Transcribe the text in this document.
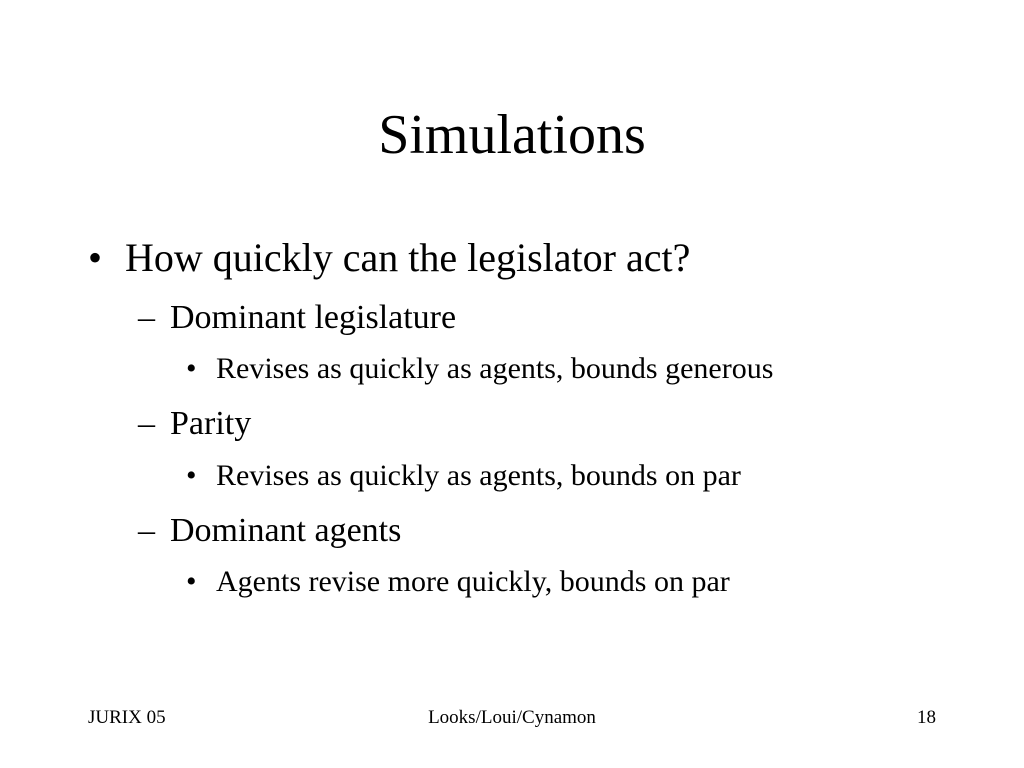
Simulations
• How quickly can the legislator act?
– Dominant legislature
• Revises as quickly as agents, bounds generous
– Parity
• Revises as quickly as agents, bounds on par
– Dominant agents
• Agents revise more quickly, bounds on par
JURIX 05	Looks/Loui/Cynamon	18
